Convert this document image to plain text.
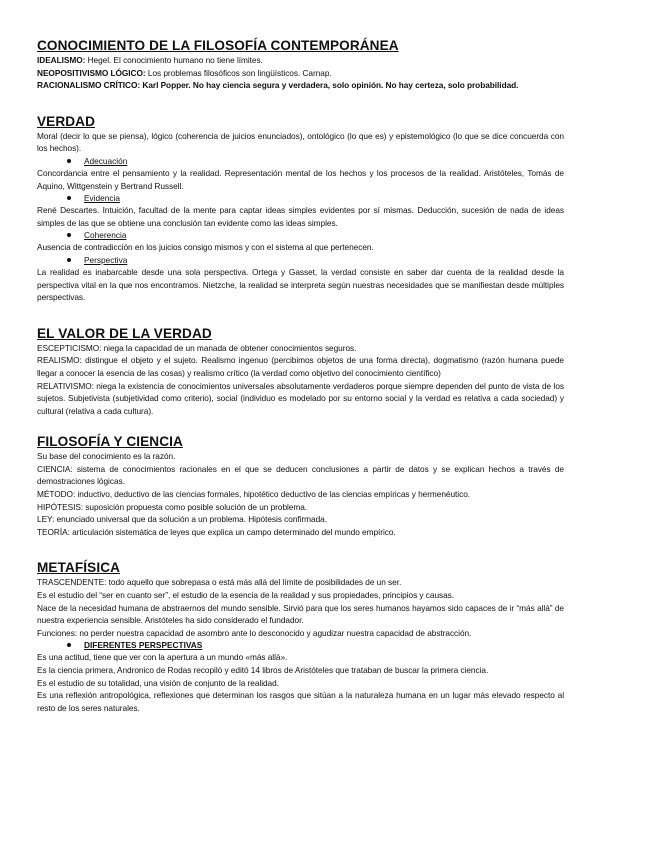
CONOCIMIENTO DE LA FILOSOFÍA CONTEMPORÁNEA

IDEALISMO: Hegel. El conocimiento humano no tiene límites.

NEOPOSITIVISMO LÓGICO: Los problemas filosóficos son lingüísticos. Carnap.

RACIONALISMO CRÍTICO: Karl Popper. No hay ciencia segura y verdadera, solo opinión. No hay certeza, solo probabilidad.

VERDAD

Moral (decir lo que se piensa), lógico (coherencia de juicios enunciados), ontológico (lo que es) y epistemológico (lo que se dice concuerda con los hechos).

Adecuación

Concordancia entre el pensamiento y la realidad. Representación mental de los hechos y los procesos de la realidad. Aristóteles, Tomás de Aquino, Wittgenstein y Bertrand Russell.

Evidencia

René Descartes. Intuición, facultad de la mente para captar ideas simples evidentes por sí mismas. Deducción, sucesión de nada de ideas simples de las que se obtiene una conclusión tan evidente como las ideas simples.

Coherencia

Ausencia de contradicción en los juicios consigo mismos y con el sistema al que pertenecen.

Perspectiva

La realidad es inabarcable desde una sola perspectiva. Ortega y Gasset, la verdad consiste en saber dar cuenta de la realidad desde la perspectiva vital en la que nos encontramos. Nietzche, la realidad se interpreta según nuestras necesidades que se manifiestan desde múltiples perspectivas.

EL VALOR DE LA VERDAD

ESCEPTICISMO: niega la capacidad de un manada de obtener conocimientos seguros.

REALISMO: distingue el objeto y el sujeto. Realismo ingenuo (percibimos objetos de una forma directa), dogmatismo (razón humana puede llegar a conocer la esencia de las cosas) y realismo crítico (la verdad como objetivo del conocimiento científico)

RELATIVISMO: niega la existencia de conocimientos universales absolutamente verdaderos porque siempre dependen del punto de vista de los sujetos. Subjetivista (subjetividad como criterio), social (individuo es modelado por su entorno social y la verdad es relativa a cada sociedad) y cultural (relativa a cada cultura).

FILOSOFÍA Y CIENCIA

Su base del conocimiento es la razón.

CIENCIA: sistema de conocimientos racionales en el que se deducen conclusiones a partir de datos y se explican hechos a través de demostraciones lógicas.

MÉTODO: inductivo, deductivo de las ciencias formales, hipotético deductivo de las ciencias empíricas y hermenéutico.

HIPÓTESIS: suposición propuesta como posible solución de un problema.

LEY: enunciado universal que da solución a un problema. Hipótesis confirmada.

TEORÍA: articulación sistemática de leyes que explica un campo determinado del mundo empírico.

METAFÍSICA

TRASCENDENTE: todo aquello que sobrepasa o está más allá del límite de posibilidades de un ser.

Es el estudio del “ser en cuanto ser”, el estudio de la esencia de la realidad y sus propiedades, principios y causas.

Nace de la necesidad humana de abstraernos del mundo sensible. Sirvió para que los seres humanos hayamos sido capaces de ir “más allá” de nuestra experiencia sensible. Aristóteles ha sido considerado el fundador.

Funciones: no perder nuestra capacidad de asombro ante lo desconocido y agudizar nuestra capacidad de abstracción.

DIFERENTES PERSPECTIVAS

Es una actitud, tiene que ver con la apertura a un mundo «más allá».

Es la ciencia primera, Andronico de Rodas recopiló y editó 14 libros de Aristóteles que trataban de buscar la primera ciencia.

Es el estudio de su totalidad, una visión de conjunto de la realidad.

Es una reflexión antropológica, reflexiones que determinan los rasgos que sitúan a la naturaleza humana en un lugar más elevado respecto al resto de los seres naturales.
